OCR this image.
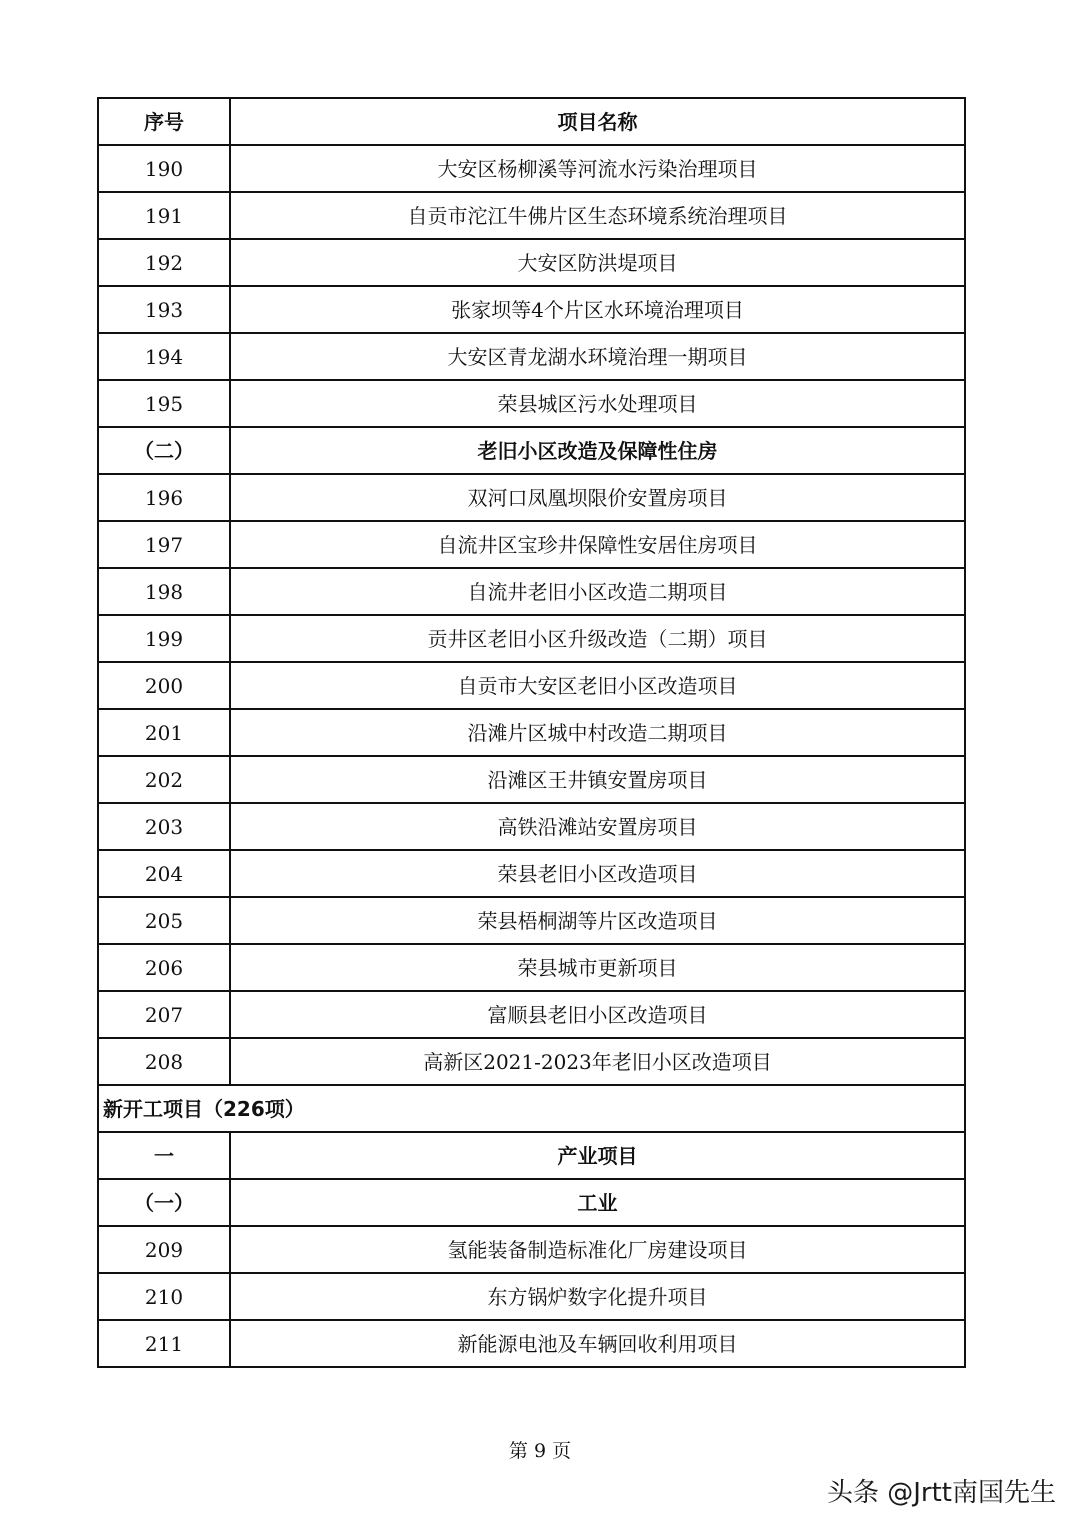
序号	项目名称
190	大安区杨柳溪等河流水污染治理项目
191	自贡市沱江牛佛片区生态环境系统治理项目
192	大安区防洪堤项目
193	张家坝等4个片区水环境治理项目
194	大安区青龙湖水环境治理一期项目
195	荣县城区污水处理项目
（二）	老旧小区改造及保障性住房
196	双河口凤凰坝限价安置房项目
197	自流井区宝珍井保障性安居住房项目
198	自流井老旧小区改造二期项目
199	贡井区老旧小区升级改造（二期）项目
200	自贡市大安区老旧小区改造项目
201	沿滩片区城中村改造二期项目
202	沿滩区王井镇安置房项目
203	高铁沿滩站安置房项目
204	荣县老旧小区改造项目
205	荣县梧桐湖等片区改造项目
206	荣县城市更新项目
207	富顺县老旧小区改造项目
208	高新区2021-2023年老旧小区改造项目
新开工项目（226项）	
一	产业项目
（一）	工业
209	氢能装备制造标准化厂房建设项目
210	东方锅炉数字化提升项目
211	新能源电池及车辆回收利用项目
第 9 页
头条 @Jrtt南国先生
